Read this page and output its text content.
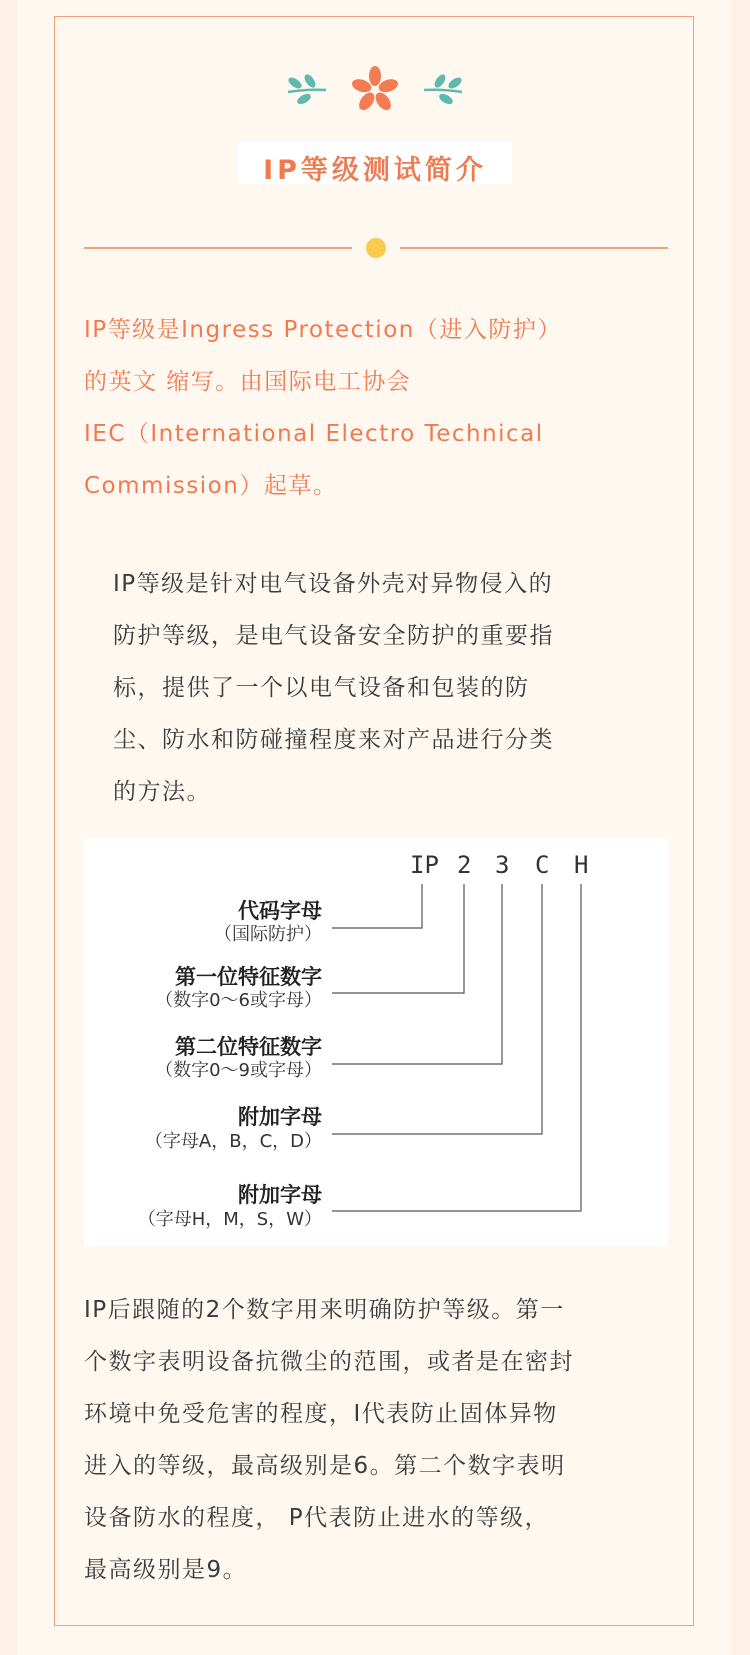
IP等级测试简介
IP等级是Ingress Protection（进入防护）
的英文 缩写。由国际电工协会
IEC（International Electro Technical
Commission）起草。
IP等级是针对电气设备外壳对异物侵入的
防护等级，是电气设备安全防护的重要指
标，提供了一个以电气设备和包装的防
尘、防水和防碰撞程度来对产品进行分类
的方法。
IP 2 3 C H
代码字母
（国际防护）
第一位特征数字
（数字0～6或字母）
第二位特征数字
（数字0～9或字母）
附加字母
（字母A，B，C，D）
附加字母
（字母H，M，S，W）
IP后跟随的2个数字用来明确防护等级。第一
个数字表明设备抗微尘的范围，或者是在密封
环境中免受危害的程度，I代表防止固体异物
进入的等级，最高级别是6。第二个数字表明
设备防水的程度， P代表防止进水的等级，
最高级别是9。
